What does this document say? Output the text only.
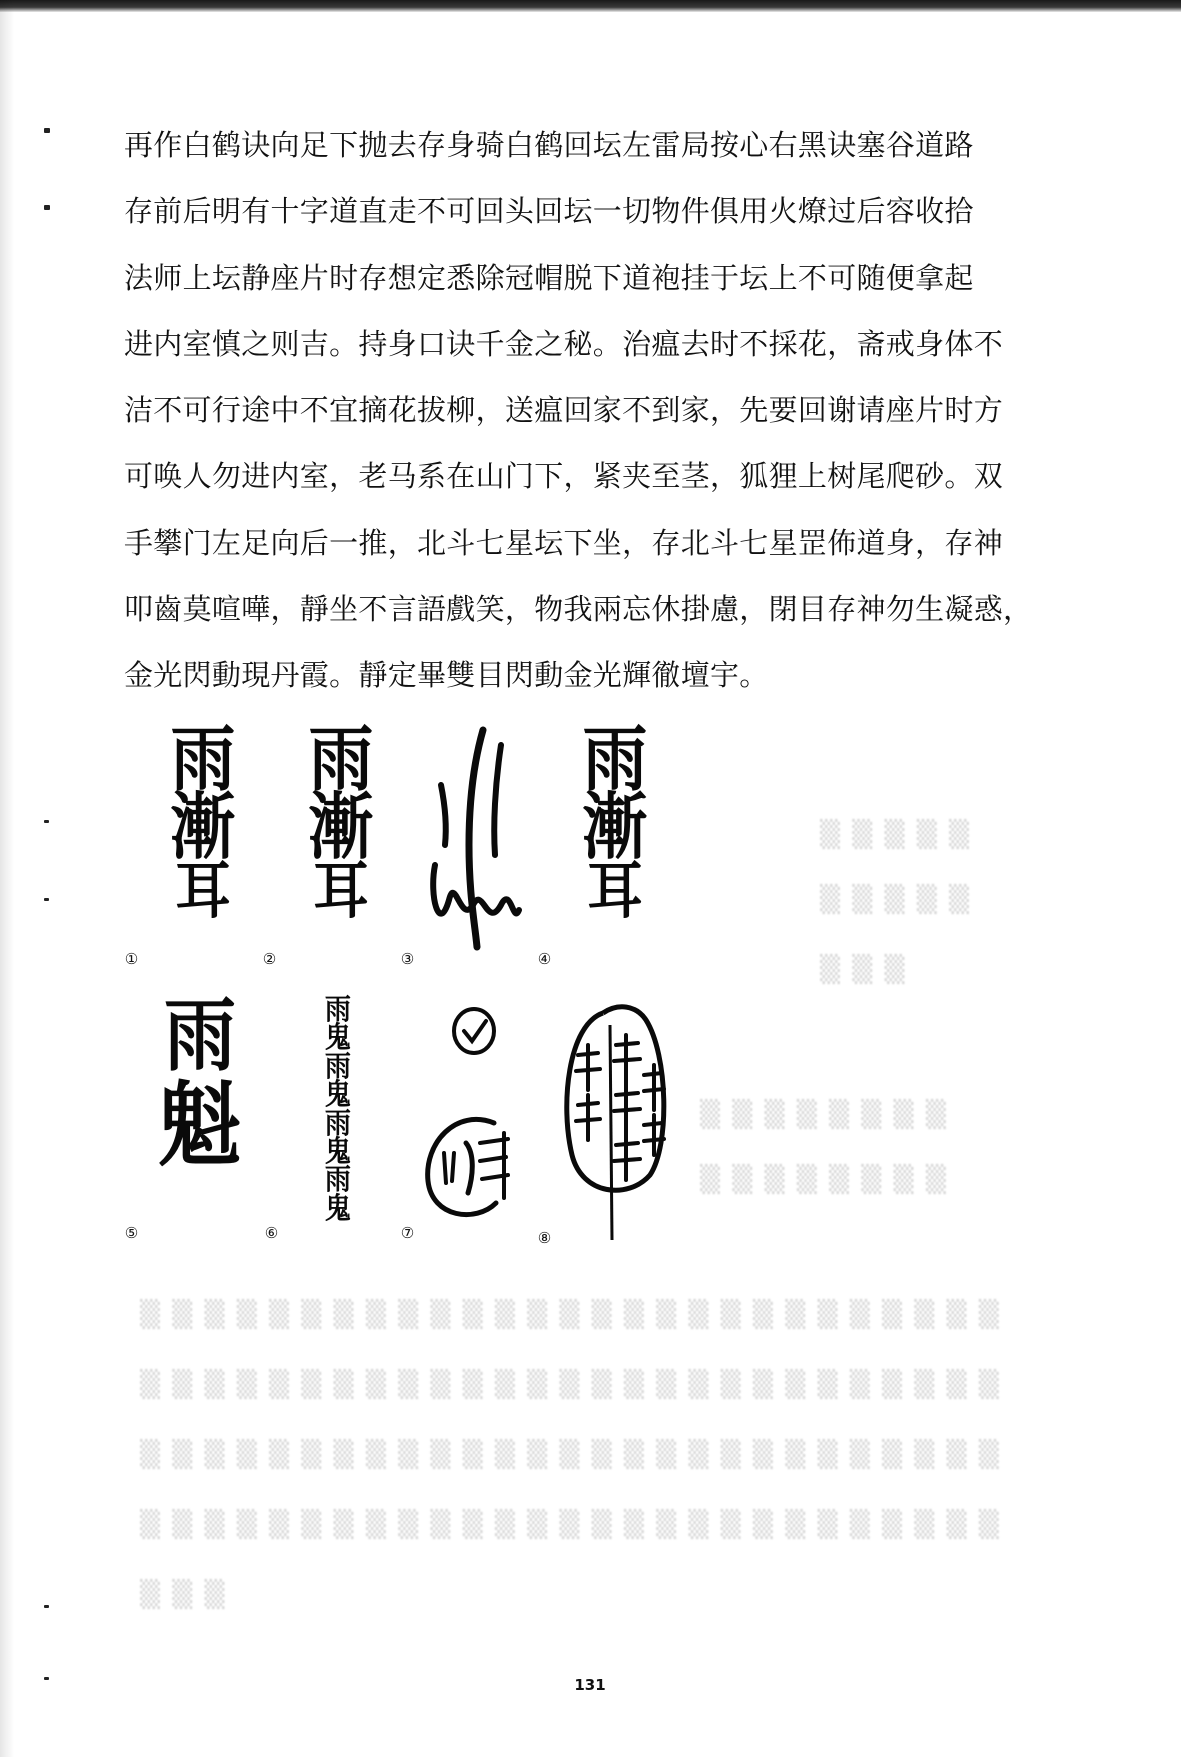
▒ ▒ ▒ ▒ ▒
▒ ▒ ▒ ▒ ▒
▒ ▒ ▒
▒ ▒ ▒ ▒ ▒ ▒ ▒ ▒
▒ ▒ ▒ ▒ ▒ ▒ ▒ ▒
▒ ▒ ▒ ▒ ▒ ▒ ▒ ▒ ▒ ▒ ▒ ▒ ▒ ▒ ▒ ▒ ▒ ▒ ▒ ▒ ▒ ▒ ▒ ▒ ▒ ▒ ▒
▒ ▒ ▒ ▒ ▒ ▒ ▒ ▒ ▒ ▒ ▒ ▒ ▒ ▒ ▒ ▒ ▒ ▒ ▒ ▒ ▒ ▒ ▒ ▒ ▒ ▒ ▒
▒ ▒ ▒ ▒ ▒ ▒ ▒ ▒ ▒ ▒ ▒ ▒ ▒ ▒ ▒ ▒ ▒ ▒ ▒ ▒ ▒ ▒ ▒ ▒ ▒ ▒ ▒
▒ ▒ ▒ ▒ ▒ ▒ ▒ ▒ ▒ ▒ ▒ ▒ ▒ ▒ ▒ ▒ ▒ ▒ ▒ ▒ ▒ ▒ ▒ ▒ ▒ ▒ ▒
▒ ▒ ▒
再作白鹤诀向足下抛去存身骑白鹤回坛左雷局按心右黑诀塞谷道路
存前后明有十字道直走不可回头回坛一切物件俱用火燎过后容收拾
法师上坛静座片时存想定悉除冠帽脱下道袍挂于坛上不可随便拿起
进内室慎之则吉。持身口诀千金之秘。治瘟去时不採花，斋戒身体不
洁不可行途中不宜摘花拔柳，送瘟回家不到家，先要回谢请座片时方
可唤人勿进内室，老马系在山门下，紧夹至茎，狐狸上树尾爬砂。双
手攀门左足向后一推，北斗七星坛下坐，存北斗七星罡佈道身，存神
叩齒莫喧嘩，靜坐不言語戲笑，物我兩忘休掛慮，閉目存神勿生凝惑，
金光閃動現丹霞。靜定畢雙目閃動金光輝徹壇宇。
雨
漸
耳
①
雨
漸
耳
②	③
雨
漸
耳
④
雨
魁
⑤
雨
鬼
雨
鬼
雨
鬼
雨
鬼
⑥	⑦	⑧
131
